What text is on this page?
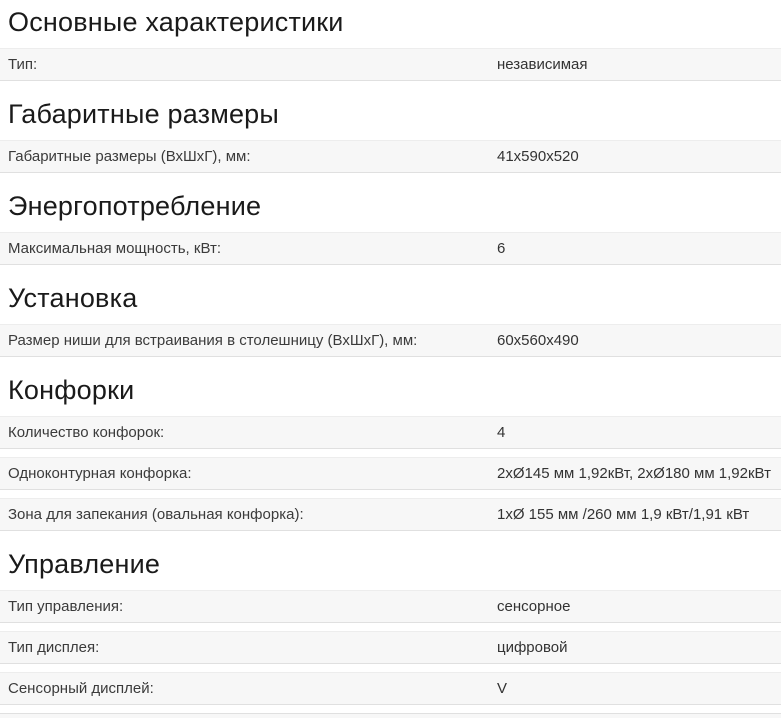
Основные характеристики
Тип:	независимая
Габаритные размеры
Габаритные размеры (ВхШхГ), мм:	41x590x520
Энергопотребление
Максимальная мощность, кВт:	6
Установка
Размер ниши для встраивания в столешницу (ВхШхГ), мм:	60x560x490
Конфорки
Количество конфорок:	4
Одноконтурная конфорка:	2хØ145 мм 1,92кВт, 2хØ180 мм 1,92кВт
Зона для запекания (овальная конфорка):	1хØ 155 мм /260 мм 1,9 кВт/1,91 кВт
Управление
Тип управления:	сенсорное
Тип дисплея:	цифровой
Сенсорный дисплей:	V
